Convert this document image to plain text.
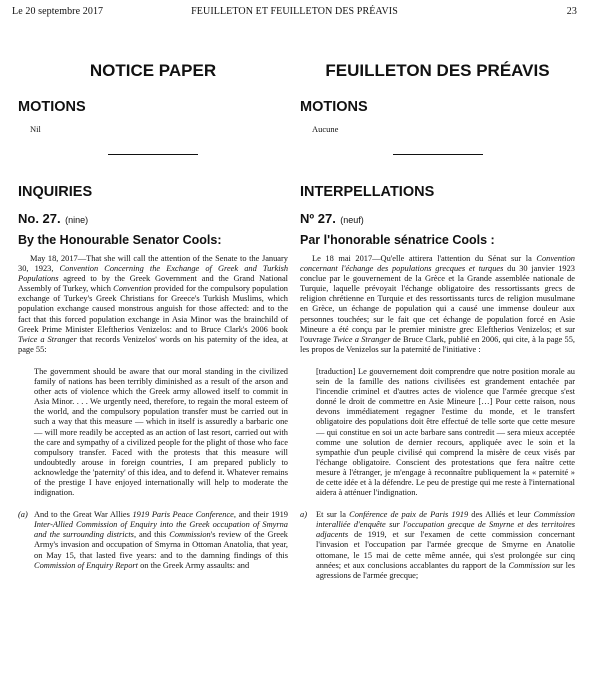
Le 20 septembre 2017	FEUILLETON ET FEUILLETON DES PRÉAVIS	23
NOTICE PAPER
MOTIONS
Nil
INQUIRIES
No. 27. (nine)
By the Honourable Senator Cools:
May 18, 2017—That she will call the attention of the Senate to the January 30, 1923, Convention Concerning the Exchange of Greek and Turkish Populations agreed to by the Greek Government and the Grand National Assembly of Turkey, which Convention provided for the compulsory population exchange of Turkey's Greek Christians for Greece's Turkish Muslims, which population exchange caused monstrous anguish for those affected: and to the fact that this forced population exchange in Asia Minor was the brainchild of Greek Prime Minister Eleftherios Venizelos: and to Bruce Clark's 2006 book Twice a Stranger that records Venizelos' words on his paternity of the idea, at page 55:
The government should be aware that our moral standing in the civilized family of nations has been terribly diminished as a result of the arson and other acts of violence which the Greek army allowed itself to commit in Asia Minor. . . . We urgently need, therefore, to regain the moral esteem of the world, and the compulsory population transfer must be carried out in such a way that this measure — which in itself is assuredly a barbaric one — will more readily be accepted as an action of last resort, carried out with the care and sympathy of a civilized people for the plight of those who face compulsory transfer. Faced with the protests that this measure will undoubtedly arouse in foreign countries, I am prepared publicly to acknowledge the 'paternity' of this idea, and to defend it. Whatever remains of the prestige I have enjoyed internationally will help to moderate the indignation.
(a) And to the Great War Allies 1919 Paris Peace Conference, and their 1919 Inter-Allied Commission of Enquiry into the Greek occupation of Smyrna and the surrounding districts, and this Commission's review of the Greek Army's invasion and occupation of Smyrna in Ottoman Anatolia, that year, on May 15, that lasted five years: and to the damning findings of this Commission of Enquiry Report on the Greek Army assaults: and
FEUILLETON DES PRÉAVIS
MOTIONS
Aucune
INTERPELLATIONS
Nº 27. (neuf)
Par l'honorable sénatrice Cools :
Le 18 mai 2017—Qu'elle attirera l'attention du Sénat sur la Convention concernant l'échange des populations grecques et turques du 30 janvier 1923 conclue par le gouvernement de la Grèce et la Grande assemblée nationale de Turquie, laquelle prévoyait l'échange obligatoire des ressortissants grecs de religion chrétienne en Turquie et des ressortissants turcs de religion musulmane en Grèce, un échange de population qui a causé une immense douleur aux personnes touchées; sur le fait que cet échange de population forcé en Asie Mineure a été conçu par le premier ministre grec Eleftherios Venizelos; et sur l'ouvrage Twice a Stranger de Bruce Clark, publié en 2006, qui cite, à la page 55, les propos de Venizelos sur la paternité de l'initiative :
[traduction] Le gouvernement doit comprendre que notre position morale au sein de la famille des nations civilisées est grandement entachée par l'incendie criminel et d'autres actes de violence que l'armée grecque s'est donné le droit de commettre en Asie Mineure […] Pour cette raison, nous devons immédiatement regagner l'estime du monde, et le transfert obligatoire des populations doit être effectué de telle sorte que cette mesure — qui constitue en soi un acte barbare sans contredit — sera mieux acceptée comme une solution de dernier recours, appliquée avec le soin et la sympathie d'un peuple civilisé qui comprend la misère de ceux visés par l'échange obligatoire. Conscient des protestations que fera naître cette mesure à l'étranger, je m'engage à reconnaître publiquement la « paternité » de cette idée et à la défendre. Le peu de prestige qui me reste à l'international aidera à atténuer l'indignation.
a) Et sur la Conférence de paix de Paris 1919 des Alliés et leur Commission interalliée d'enquête sur l'occupation grecque de Smyrne et des territoires adjacents de 1919, et sur l'examen de cette commission concernant l'invasion et l'occupation par l'armée grecque de Smyrne en Anatolie ottomane, le 15 mai de cette même année, qui s'est prolongée sur cinq années; et aux conclusions accablantes du rapport de la Commission sur les agressions de l'armée grecque;
